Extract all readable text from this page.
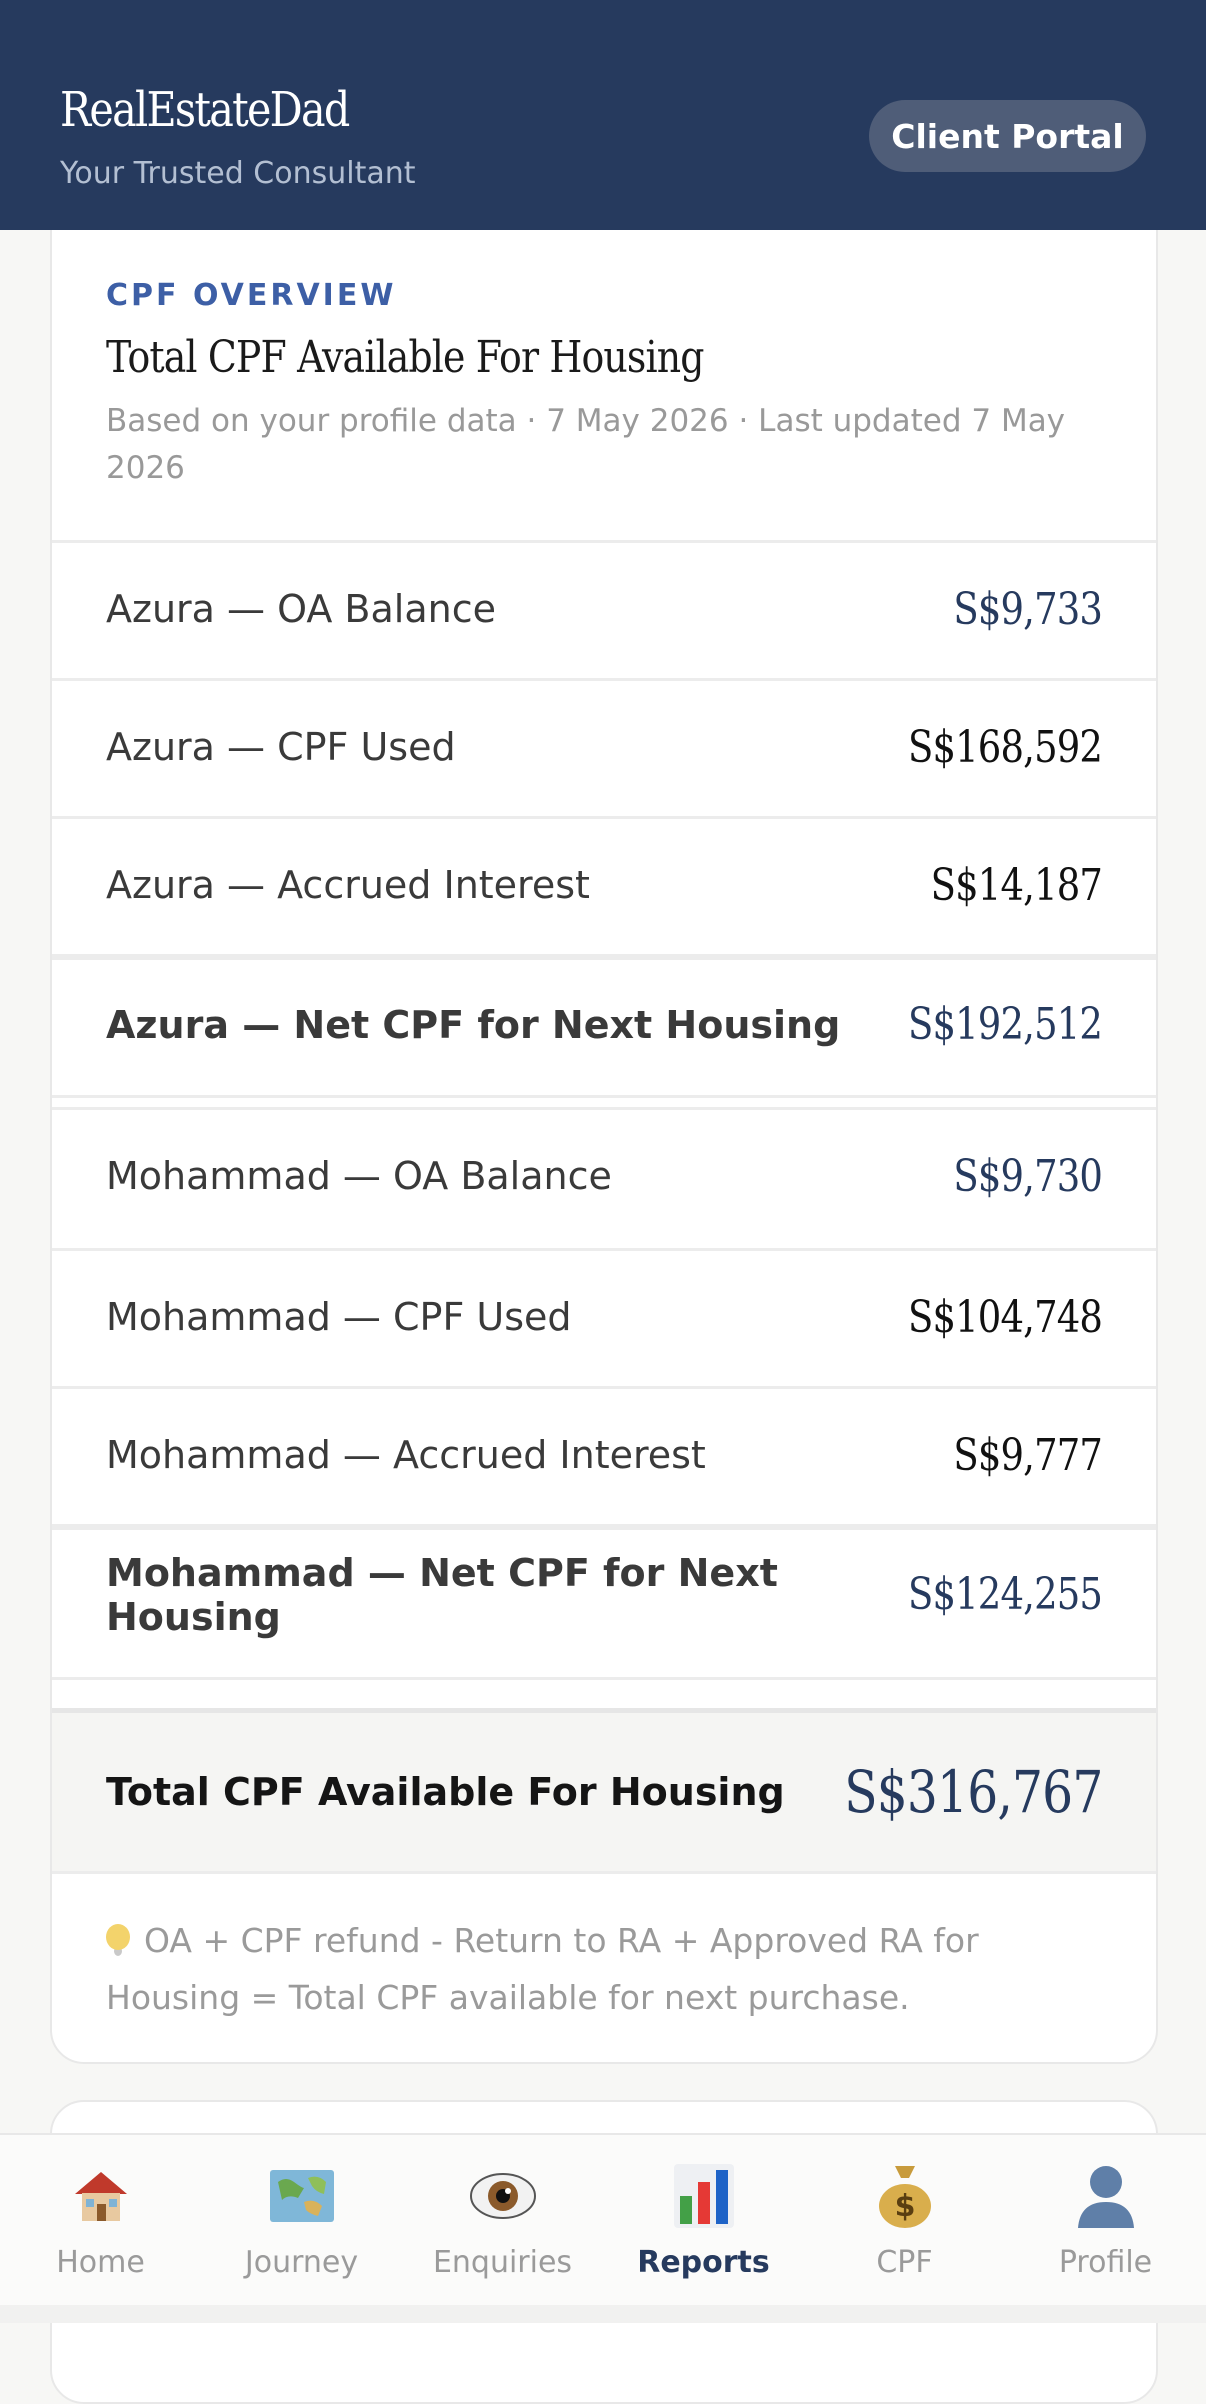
RealEstateDad
Your Trusted Consultant
Client Portal
CPF OVERVIEW
Total CPF Available For Housing
Based on your profile data · 7 May 2026 · Last updated 7 May 2026
Azura — OA Balance	S$9,733
Azura — CPF Used	S$168,592
Azura — Accrued Interest	S$14,187
Azura — Net CPF for Next Housing S$192,512
Mohammad — OA Balance	S$9,730
Mohammad — CPF Used	S$104,748
Mohammad — Accrued Interest	S$9,777
Mohammad — Net CPF for Next Housing	S$124,255
Total CPF Available For Housing S$316,767
OA + CPF refund - Return to RA + Approved RA for Housing = Total CPF available for next purchase.
Home	Journey Enquiries Reports
$
CPF	Profile
